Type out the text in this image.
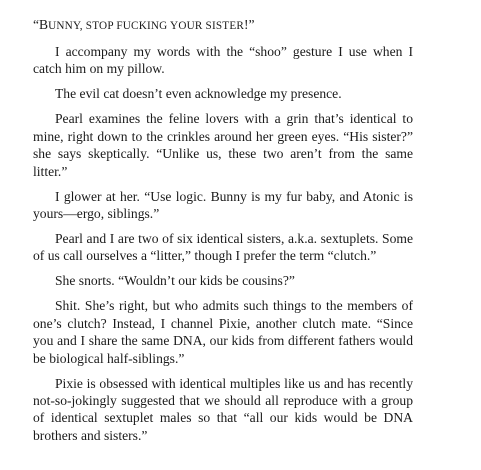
“BUNNY, STOP FUCKING YOUR SISTER!”

I accompany my words with the “shoo” gesture I use when I catch him on my pillow.

The evil cat doesn’t even acknowledge my presence.

Pearl examines the feline lovers with a grin that’s identical to mine, right down to the crinkles around her green eyes. “His sister?” she says skeptically. “Unlike us, these two aren’t from the same litter.”

I glower at her. “Use logic. Bunny is my fur baby, and Atonic is yours—ergo, siblings.”

Pearl and I are two of six identical sisters, a.k.a. sextuplets. Some of us call ourselves a “litter,” though I prefer the term “clutch.”

She snorts. “Wouldn’t our kids be cousins?”

Shit. She’s right, but who admits such things to the members of one’s clutch? Instead, I channel Pixie, another clutch mate. “Since you and I share the same DNA, our kids from different fathers would be biological half-siblings.”

Pixie is obsessed with identical multiples like us and has recently not-so-jokingly suggested that we should all reproduce with a group of identical sextuplet males so that “all our kids would be DNA brothers and sisters.”
